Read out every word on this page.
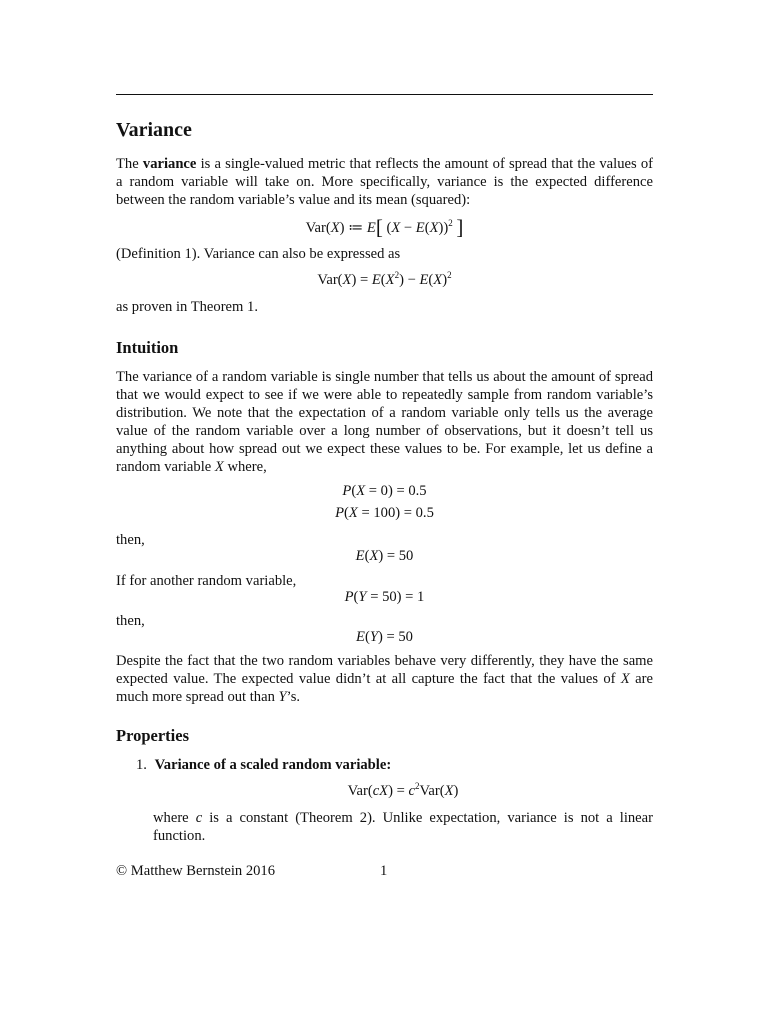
Variance

The variance is a single-valued metric that reflects the amount of spread that the values of a random variable will take on. More specifically, variance is the expected difference between the random variable’s value and its mean (squared):

Var(X) ≔ E[ $(X - E(X))^2$ ]

(Definition 1). Variance can also be expressed as

$Var(X) = E(X^2) - E(X)^2$

as proven in Theorem 1.

Intuition

The variance of a random variable is single number that tells us about the amount of spread that we would expect to see if we were able to repeatedly sample from random variable’s distribution. We note that the expectation of a random variable only tells us the average value of the random variable over a long number of observations, but it doesn’t tell us anything about how spread out we expect these values to be. For example, let us define a random variable X where,

P(X = 0) = 0.5
P(X = 100) = 0.5

then,

E(X) = 50

If for another random variable,

P(Y = 50) = 1

then,

E(Y) = 50

Despite the fact that the two random variables behave very differently, they have the same expected value. The expected value didn’t at all capture the fact that the values of X are much more spread out than Y’s.

Properties
1. Variance of a scaled random variable:
$Var(cX) = c^2Var(X)$

where c is a constant (Theorem 2). Unlike expectation, variance is not a linear function.

© Matthew Bernstein 2016	1
